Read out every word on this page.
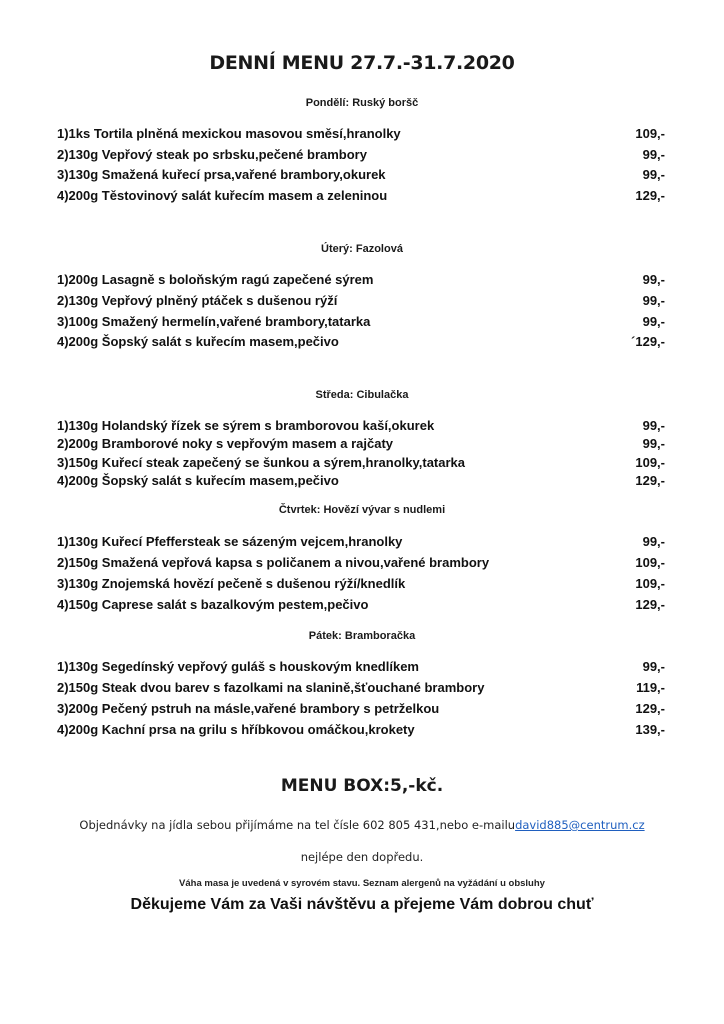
DENNÍ MENU 27.7.-31.7.2020
Pondělí: Ruský boršč
1)1ks Tortila plněná mexickou masovou směsí,hranolky	109,-
2)130g Vepřový steak po srbsku,pečené brambory	99,-
3)130g Smažená kuřecí prsa,vařené brambory,okurek	99,-
4)200g Těstovinový salát kuřecím masem a zeleninou	129,-
Úterý: Fazolová
1)200g Lasagně s boloňským ragú zapečené sýrem	99,-
2)130g Vepřový plněný ptáček s dušenou rýží	99,-
3)100g Smažený hermelín,vařené brambory,tatarka	99,-
4)200g Šopský salát s kuřecím masem,pečivo	´129,-
Středa: Cibulačka
1)130g Holandský řízek se sýrem s bramborovou kaší,okurek	99,-
2)200g Bramborové noky s vepřovým masem a rajčaty	99,-
3)150g Kuřecí steak zapečený se šunkou a sýrem,hranolky,tatarka	109,-
4)200g Šopský salát s kuřecím masem,pečivo	129,-
Čtvrtek: Hovězí vývar s nudlemi
1)130g Kuřecí Pfeffersteak se sázeným vejcem,hranolky	99,-
2)150g Smažená vepřová kapsa s poličanem a nivou,vařené brambory	109,-
3)130g Znojemská hovězí pečeně s dušenou rýží/knedlík	109,-
4)150g Caprese salát s bazalkovým pestem,pečivo	129,-
Pátek: Bramboračka
1)130g Segedínský vepřový guláš s houskovým knedlíkem	99,-
2)150g Steak dvou barev s fazolkami na slanině,šťouchané brambory	119,-
3)200g Pečený pstruh na másle,vařené brambory s petrželkou	129,-
4)200g Kachní prsa na grilu s hříbkovou omáčkou,krokety	139,-
MENU BOX:5,-kč.
Objednávky na jídla sebou přijímáme na tel čísle 602 805 431,nebo e-mailudavid885@centrum.cz
nejlépe den dopředu.
Váha masa je uvedená v syrovém stavu. Seznam alergenů na vyžádání u obsluhy
Děkujeme Vám za Vaši návštěvu a přejeme Vám dobrou chuť
